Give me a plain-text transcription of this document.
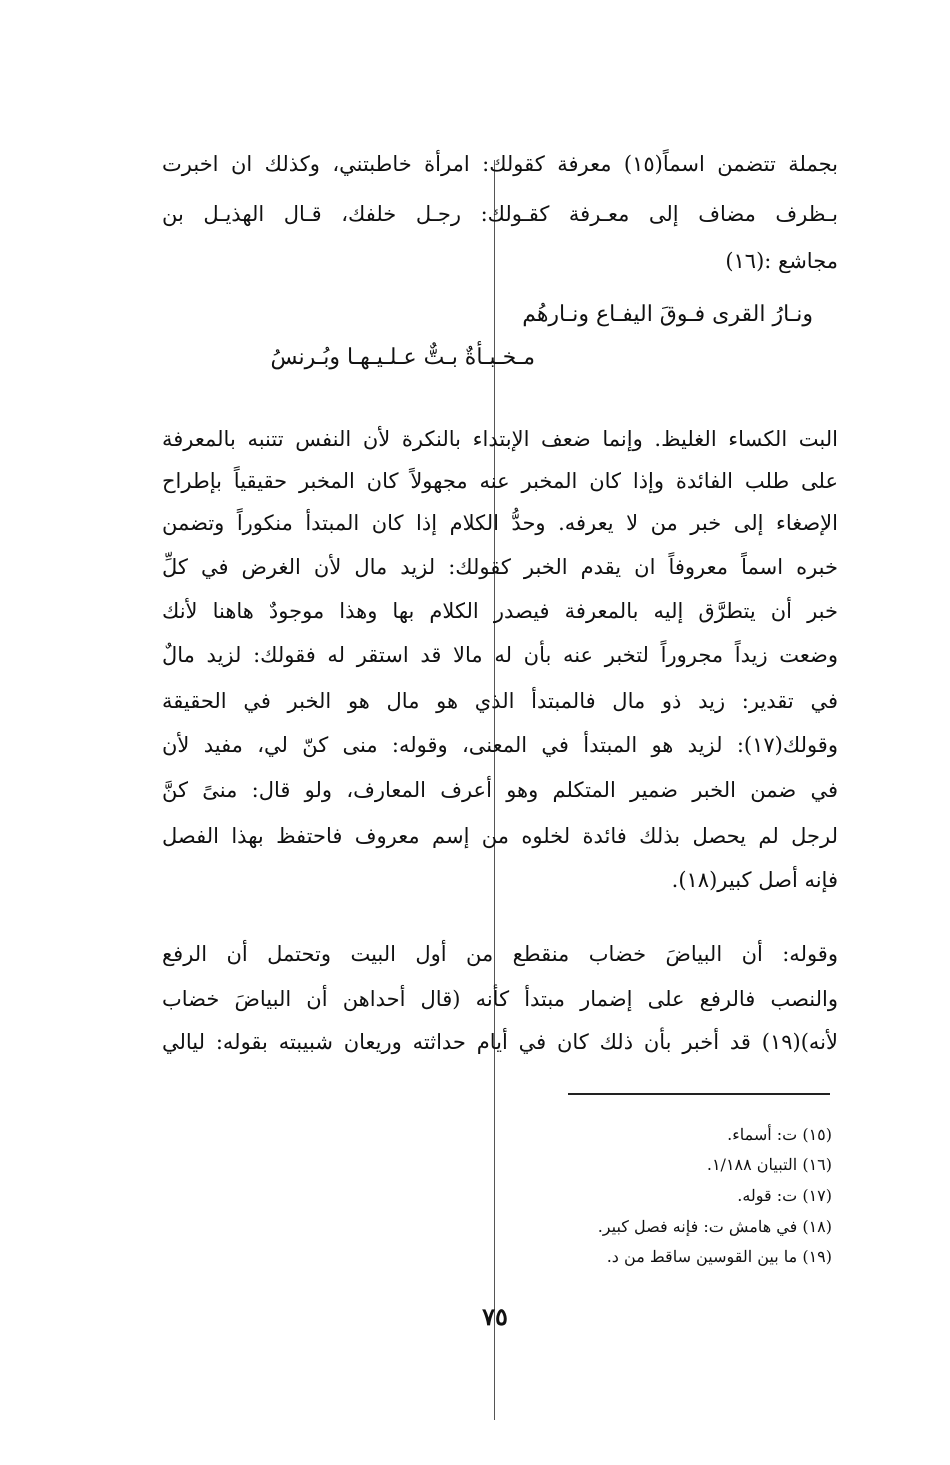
بجملة تتضمن اسماً(١٥) معرفة كقولك: امرأة خاطبتني، وكذلك ان اخبرت
بـظرف مضاف إلى معـرفة كقـولك: رجـل خلفك، قـال الهذيـل بن
مجاشع :(١٦)
ونـارُ القرى فـوقَ اليفـاع ونـارهُم
مـخـبـأةٌ بـتٌّ عـلـيـهـا وبُـرنسُ
البت الكساء الغليظ. وإنما ضعف الإبتداء بالنكرة لأن النفس تتنبه بالمعرفة
على طلب الفائدة وإذا كان المخبر عنه مجهولاً كان المخبر حقيقياً بإطراح
الإصغاء إلى خبر من لا يعرفه. وحدُّ الكلام إذا كان المبتدأ منكوراً وتضمن
خبره اسماً معروفاً ان يقدم الخبر كقولك: لزيد مال لأن الغرض في كلِّ
خبر أن يتطرَّق إليه بالمعرفة فيصدر الكلام بها وهذا موجودٌ هاهنا لأنك
وضعت زيداً مجروراً لتخبر عنه بأن له مالا قد استقر له فقولك: لزيد مالٌ
في تقدير: زيد ذو مال فالمبتدأ الذي هو مال هو الخبر في الحقيقة
وقولك(١٧): لزيد هو المبتدأ في المعنى، وقوله: منى كنّ لي، مفيد لأن
في ضمن الخبر ضمير المتكلم وهو أعرف المعارف، ولو قال: منىً كنَّ
لرجل لم يحصل بذلك فائدة لخلوه من إسم معروف فاحتفظ بهذا الفصل
فإنه أصل كبير(١٨).
وقوله: أن البياضَ خضاب منقطع من أول البيت وتحتمل أن الرفع
والنصب فالرفع على إضمار مبتدأ كأنه (قال أحداهن أن البياضَ خضاب
لأنه)(١٩) قد أخبر بأن ذلك كان في أيام حداثته وريعان شبيبته بقوله: ليالي
(١٥) ت: أسماء.
(١٦) التبيان ١/١٨٨.
(١٧) ت: قوله.
(١٨) في هامش ت: فإنه فصل كبير.
(١٩) ما بين القوسين ساقط من د.
٧٥
